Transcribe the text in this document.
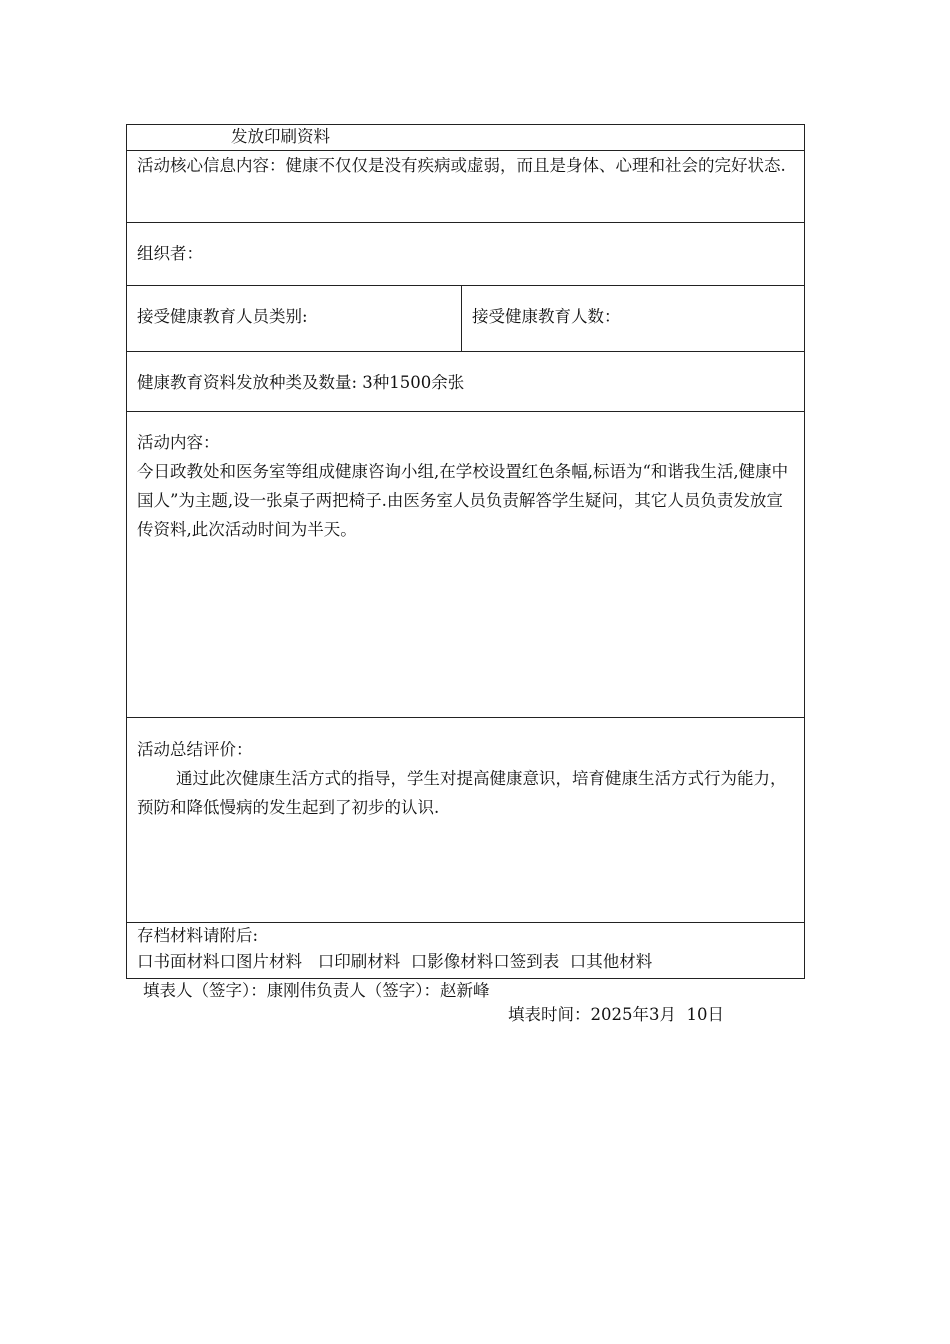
发放印刷资料
活动核心信息内容：健康不仅仅是没有疾病或虚弱，而且是身体、心理和社会的完好状态.
组织者：
接受健康教育人员类别:	接受健康教育人数：
健康教育资料发放种类及数量: 3种1500余张
活动内容：
今日政教处和医务室等组成健康咨询小组,在学校设置红色条幅,标语为“和谐我生活,健康中国人”为主题,设一张桌子两把椅子.由医务室人员负责解答学生疑问，其它人员负责发放宣传资料,此次活动时间为半天。
活动总结评价：
通过此次健康生活方式的指导，学生对提高健康意识，培育健康生活方式行为能力，预防和降低慢病的发生起到了初步的认识.
存档材料请附后:
口书面材料口图片材料   口印刷材料  口影像材料口签到表  口其他材料
填表人（签字）：康刚伟负责人（签字）：赵新峰
填表时间：2025年3月  10日
